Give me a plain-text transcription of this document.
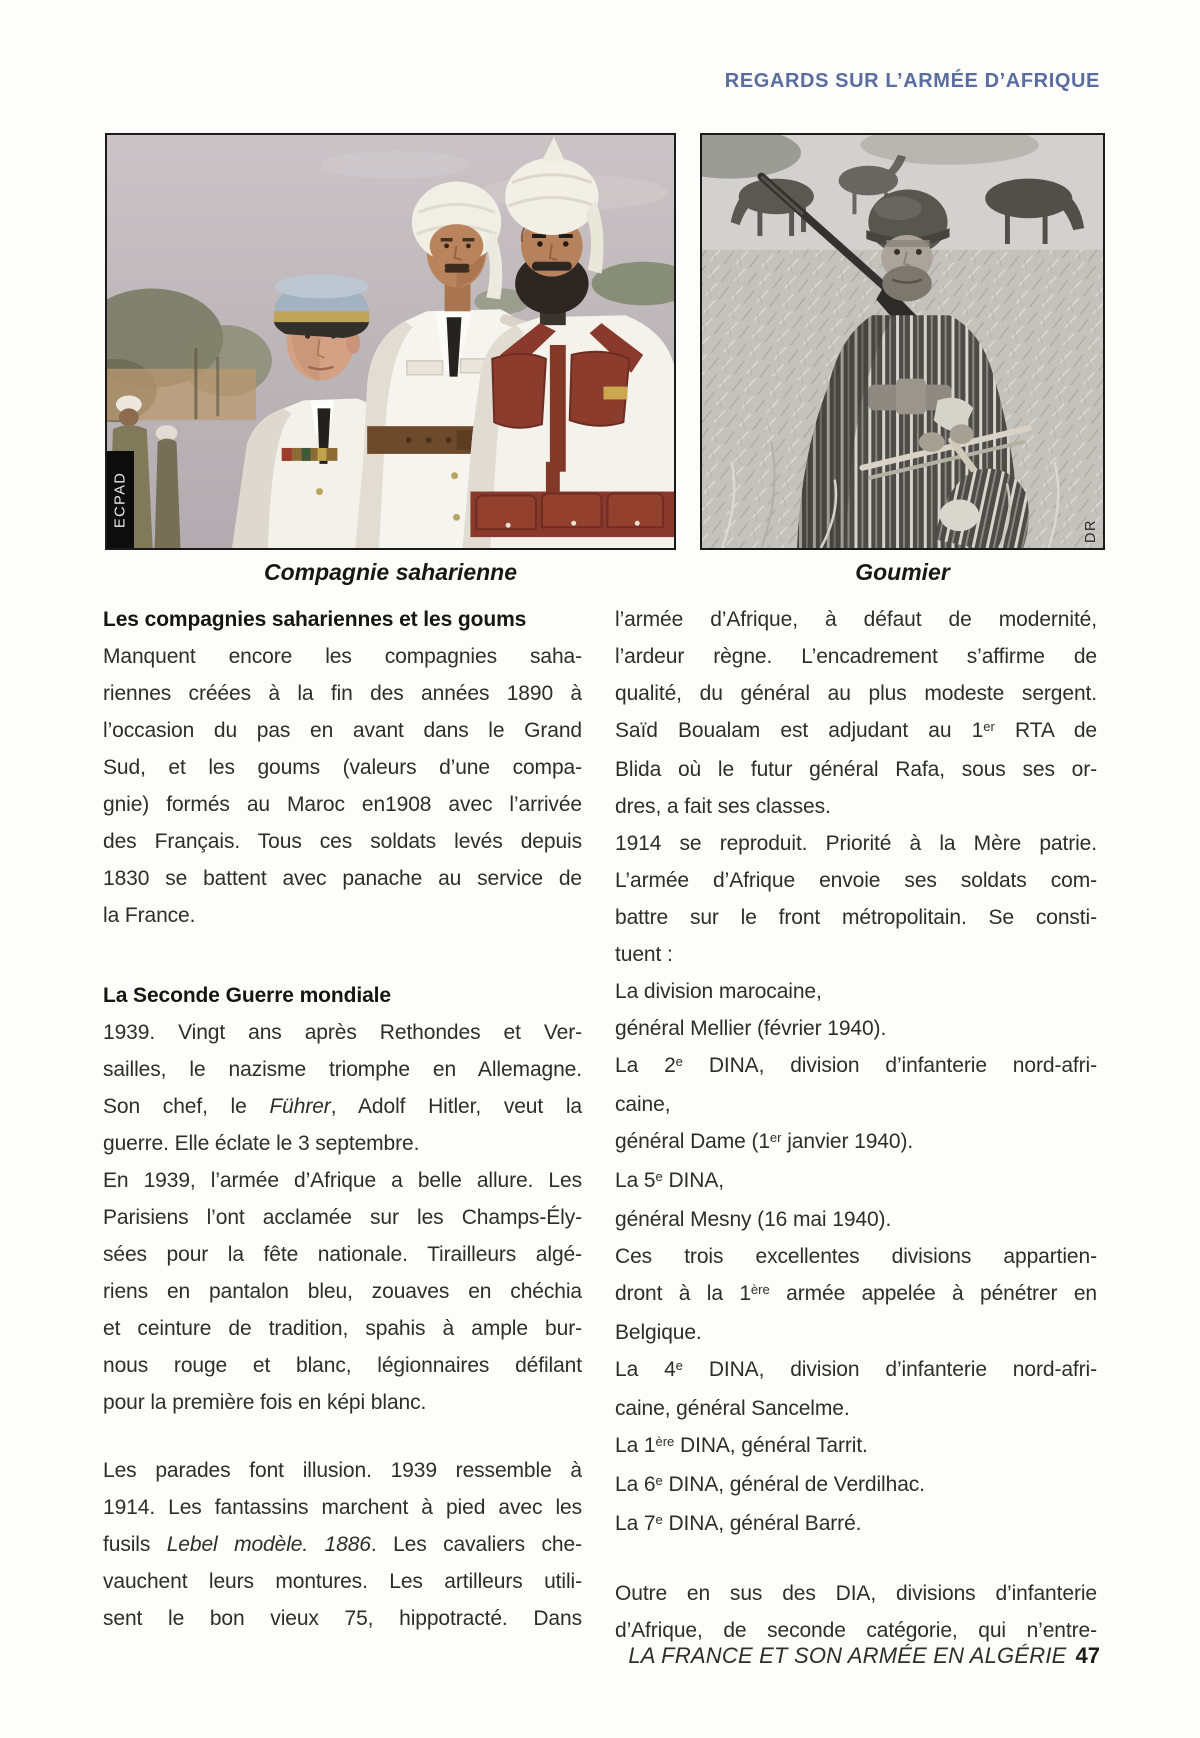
REGARDS SUR L’ARMÉE D’AFRIQUE
ECPAD
DR
Compagnie saharienne	Goumier
Les compagnies sahariennes et les goums
Manquent encore les compagnies saha-
riennes créées à la fin des années 1890 à
l’occasion du pas en avant dans le Grand
Sud, et les goums (valeurs d’une compa-
gnie) formés au Maroc en1908 avec l’arrivée
des Français. Tous ces soldats levés depuis
1830 se battent avec panache au service de
la France.
La Seconde Guerre mondiale
1939. Vingt ans après Rethondes et Ver-
sailles, le nazisme triomphe en Allemagne.
Son chef, le Führer, Adolf Hitler, veut la
guerre. Elle éclate le 3 septembre.
En 1939, l’armée d’Afrique a belle allure. Les
Parisiens l’ont acclamée sur les Champs-Ély-
sées pour la fête nationale. Tirailleurs algé-
riens en pantalon bleu, zouaves en chéchia
et ceinture de tradition, spahis à ample bur-
nous rouge et blanc, légionnaires défilant
pour la première fois en képi blanc.
Les parades font illusion. 1939 ressemble à
1914. Les fantassins marchent à pied avec les
fusils Lebel modèle. 1886. Les cavaliers che-
vauchent leurs montures. Les artilleurs utili-
sent le bon vieux 75, hippotracté. Dans
l’armée d’Afrique, à défaut de modernité,
l’ardeur règne. L’encadrement s’affirme de
qualité, du général au plus modeste sergent.
Saïd Boualam est adjudant au 1er RTA de
Blida où le futur général Rafa, sous ses or-
dres, a fait ses classes.
1914 se reproduit. Priorité à la Mère patrie.
L’armée d’Afrique envoie ses soldats com-
battre sur le front métropolitain. Se consti-
tuent :
La division marocaine,
général Mellier (février 1940).
La 2e DINA, division d’infanterie nord-afri-
caine,
général Dame (1er janvier 1940).
La 5e DINA,
général Mesny (16 mai 1940).
Ces trois excellentes divisions appartien-
dront à la 1ère armée appelée à pénétrer en
Belgique.
La 4e DINA, division d’infanterie nord-afri-
caine, général Sancelme.
La 1ère DINA, général Tarrit.
La 6e DINA, général de Verdilhac.
La 7e DINA, général Barré.
Outre en sus des DIA, divisions d’infanterie
d’Afrique, de seconde catégorie, qui n’entre-
LA FRANCE ET SON ARMÉE EN ALGÉRIE 47
